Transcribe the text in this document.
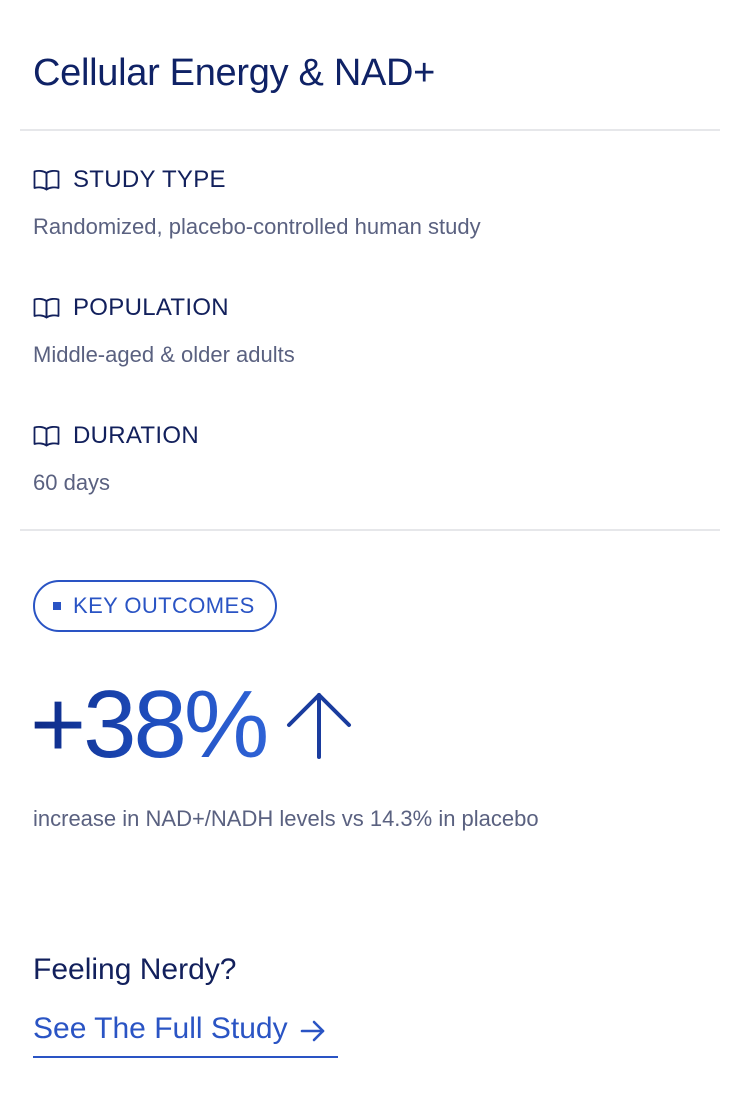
Cellular Energy & NAD+
STUDY TYPE
Randomized, placebo-controlled human study
POPULATION
Middle-aged & older adults
DURATION
60 days
KEY OUTCOMES
+38%

increase in NAD+/NADH levels vs 14.3% in placebo

Feeling Nerdy?

See The Full Study
